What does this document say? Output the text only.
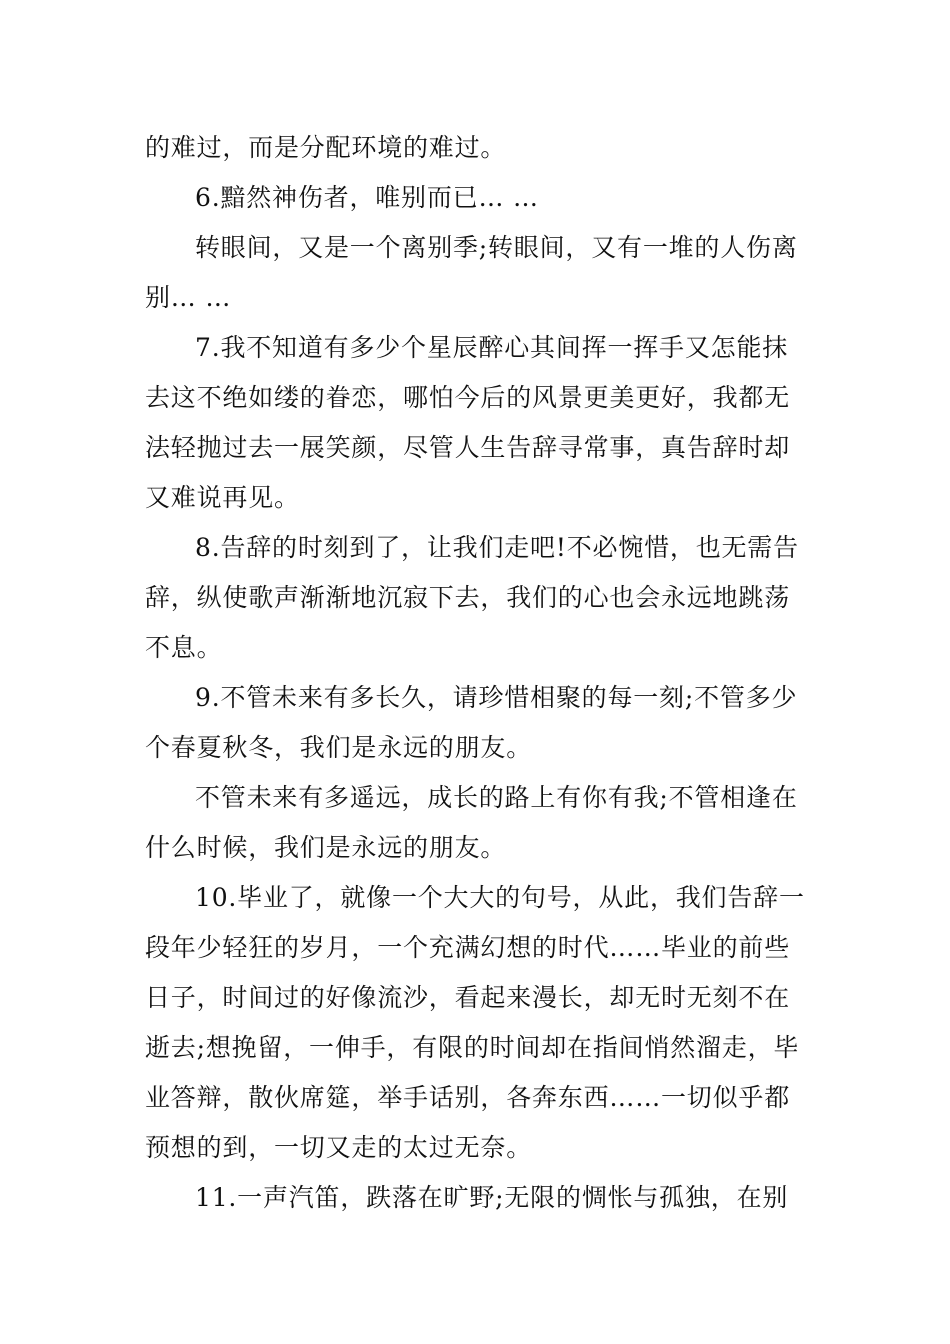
的难过，而是分配环境的难过。
6.黯然神伤者，唯别而已… …
转眼间，又是一个离别季;转眼间，又有一堆的人伤离
别… …
7.我不知道有多少个星辰醉心其间挥一挥手又怎能抹
去这不绝如缕的眷恋，哪怕今后的风景更美更好，我都无
法轻抛过去一展笑颜，尽管人生告辞寻常事，真告辞时却
又难说再见。
8.告辞的时刻到了，让我们走吧!不必惋惜，也无需告
辞，纵使歌声渐渐地沉寂下去，我们的心也会永远地跳荡
不息。
9.不管未来有多长久，请珍惜相聚的每一刻;不管多少
个春夏秋冬，我们是永远的朋友。
不管未来有多遥远，成长的路上有你有我;不管相逢在
什么时候，我们是永远的朋友。
10.毕业了，就像一个大大的句号，从此，我们告辞一
段年少轻狂的岁月，一个充满幻想的时代……毕业的前些
日子，时间过的好像流沙，看起来漫长，却无时无刻不在
逝去;想挽留，一伸手，有限的时间却在指间悄然溜走，毕
业答辩，散伙席筵，举手话别，各奔东西……一切似乎都
预想的到，一切又走的太过无奈。
11.一声汽笛，跌落在旷野;无限的惆怅与孤独，在别
